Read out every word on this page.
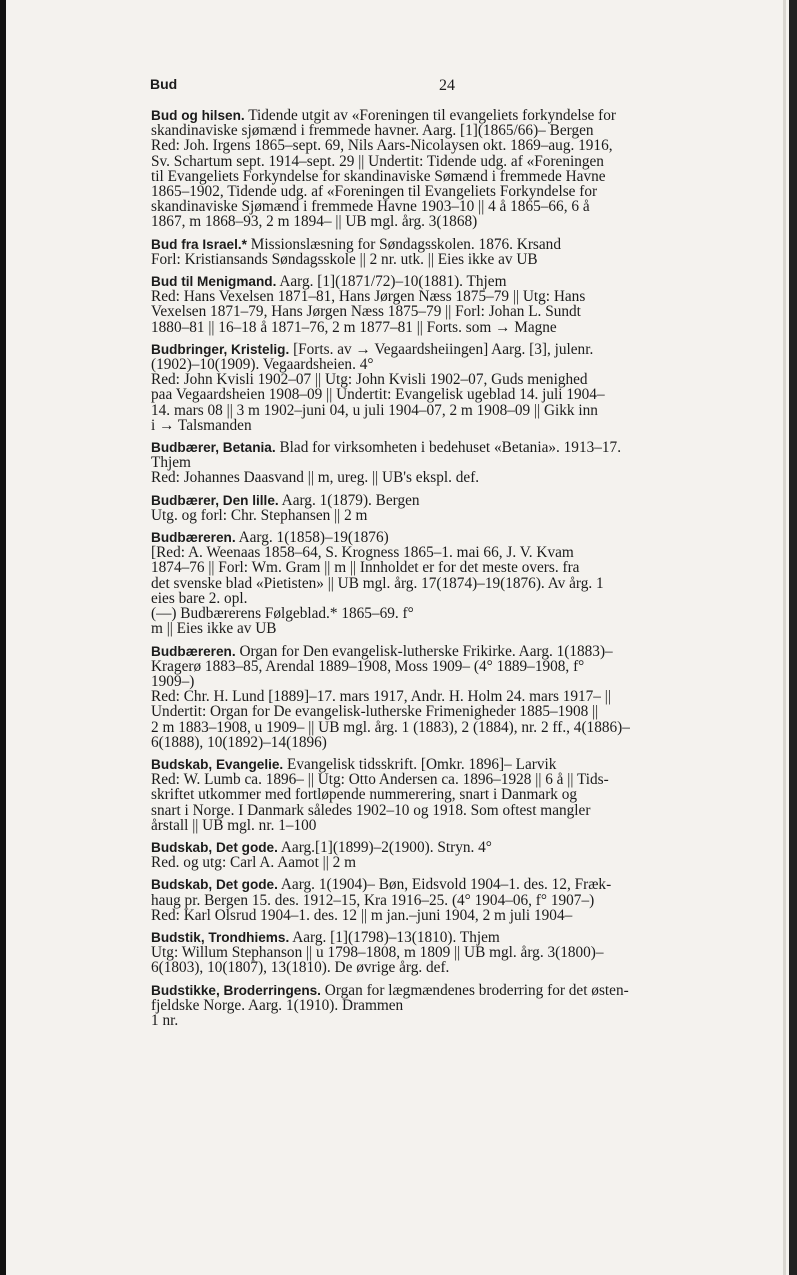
Bud	24
Bud og hilsen. Tidende utgit av «Foreningen til evangeliets forkyndelse for
skandinaviske sjømænd i fremmede havner. Aarg. [1](1865/66)– Bergen
Red: Joh. Irgens 1865–sept. 69, Nils Aars-Nicolaysen okt. 1869–aug. 1916,
Sv. Schartum sept. 1914–sept. 29 || Undertit: Tidende udg. af «Foreningen
til Evangeliets Forkyndelse for skandinaviske Sømænd i fremmede Havne
1865–1902, Tidende udg. af «Foreningen til Evangeliets Forkyndelse for
skandinaviske Sjømænd i fremmede Havne 1903–10 || 4 å 1865–66, 6 å
1867, m 1868–93, 2 m 1894– || UB mgl. årg. 3(1868)
Bud fra Israel.* Missionslæsning for Søndagsskolen. 1876. Krsand
Forl: Kristiansands Søndagsskole || 2 nr. utk. || Eies ikke av UB
Bud til Menigmand. Aarg. [1](1871/72)–10(1881). Thjem
Red: Hans Vexelsen 1871–81, Hans Jørgen Næss 1875–79 || Utg: Hans
Vexelsen 1871–79, Hans Jørgen Næss 1875–79 || Forl: Johan L. Sundt
1880–81 || 16–18 å 1871–76, 2 m 1877–81 || Forts. som → Magne
Budbringer, Kristelig. [Forts. av → Vegaardsheiingen] Aarg. [3], julenr.
(1902)–10(1909). Vegaardsheien. 4°
Red: John Kvisli 1902–07 || Utg: John Kvisli 1902–07, Guds menighed
paa Vegaardsheien 1908–09 || Undertit: Evangelisk ugeblad 14. juli 1904–
14. mars 08 || 3 m 1902–juni 04, u juli 1904–07, 2 m 1908–09 || Gikk inn
i → Talsmanden
Budbærer, Betania. Blad for virksomheten i bedehuset «Betania». 1913–17.
Thjem
Red: Johannes Daasvand || m, ureg. || UB's ekspl. def.
Budbærer, Den lille. Aarg. 1(1879). Bergen
Utg. og forl: Chr. Stephansen || 2 m
Budbæreren. Aarg. 1(1858)–19(1876)
[Red: A. Weenaas 1858–64, S. Krogness 1865–1. mai 66, J. V. Kvam
1874–76 || Forl: Wm. Gram || m || Innholdet er for det meste overs. fra
det svenske blad «Pietisten» || UB mgl. årg. 17(1874)–19(1876). Av årg. 1
eies bare 2. opl.
(—) Budbærerens Følgeblad.* 1865–69. f°
m || Eies ikke av UB
Budbæreren. Organ for Den evangelisk-lutherske Frikirke. Aarg. 1(1883)–
Kragerø 1883–85, Arendal 1889–1908, Moss 1909– (4° 1889–1908, f°
1909–)
Red: Chr. H. Lund [1889]–17. mars 1917, Andr. H. Holm 24. mars 1917– ||
Undertit: Organ for De evangelisk-lutherske Frimenigheder 1885–1908 ||
2 m 1883–1908, u 1909– || UB mgl. årg. 1 (1883), 2 (1884), nr. 2 ff., 4(1886)–
6(1888), 10(1892)–14(1896)
Budskab, Evangelie. Evangelisk tidsskrift. [Omkr. 1896]– Larvik
Red: W. Lumb ca. 1896– || Utg: Otto Andersen ca. 1896–1928 || 6 å || Tids-
skriftet utkommer med fortløpende nummerering, snart i Danmark og
snart i Norge. I Danmark således 1902–10 og 1918. Som oftest mangler
årstall || UB mgl. nr. 1–100
Budskab, Det gode. Aarg.[1](1899)–2(1900). Stryn. 4°
Red. og utg: Carl A. Aamot || 2 m
Budskab, Det gode. Aarg. 1(1904)– Bøn, Eidsvold 1904–1. des. 12, Fræk-
haug pr. Bergen 15. des. 1912–15, Kra 1916–25. (4° 1904–06, f° 1907–)
Red: Karl Olsrud 1904–1. des. 12 || m jan.–juni 1904, 2 m juli 1904–
Budstik, Trondhiems. Aarg. [1](1798)–13(1810). Thjem
Utg: Willum Stephanson || u 1798–1808, m 1809 || UB mgl. årg. 3(1800)–
6(1803), 10(1807), 13(1810). De øvrige årg. def.
Budstikke, Broderringens. Organ for lægmændenes broderring for det østen-
fjeldske Norge. Aarg. 1(1910). Drammen
1 nr.
